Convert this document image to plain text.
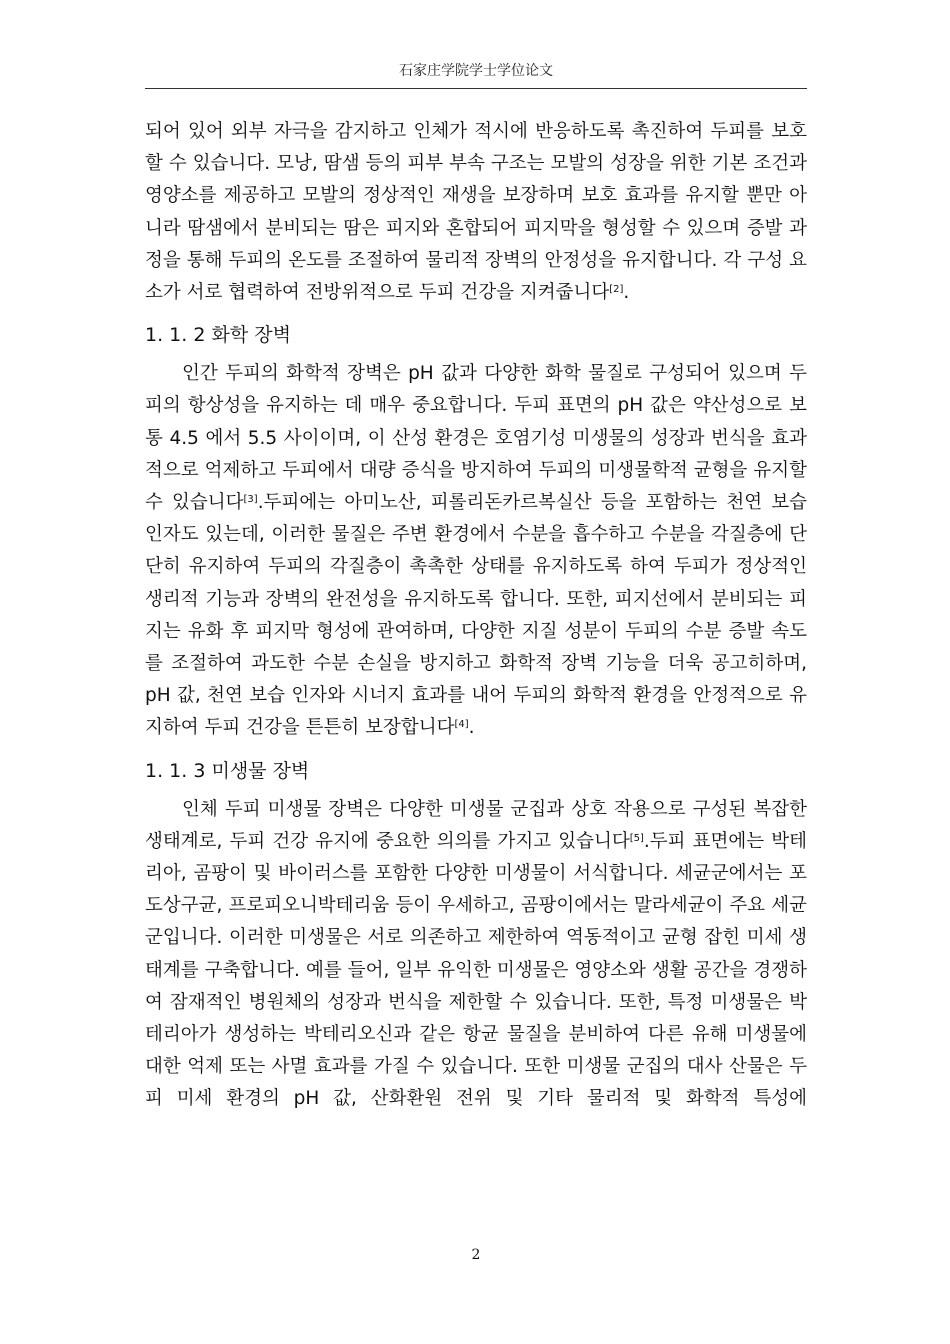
石家庄学院学士学位论文

되어 있어 외부 자극을 감지하고 인체가 적시에 반응하도록 촉진하여 두피를 보호할 수 있습니다. 모낭, 땀샘 등의 피부 부속 구조는 모발의 성장을 위한 기본 조건과 영양소를 제공하고 모발의 정상적인 재생을 보장하며 보호 효과를 유지할 뿐만 아니라 땀샘에서 분비되는 땀은 피지와 혼합되어 피지막을 형성할 수 있으며 증발 과정을 통해 두피의 온도를 조절하여 물리적 장벽의 안정성을 유지합니다. 각 구성 요소가 서로 협력하여 전방위적으로 두피 건강을 지켜줍니다[2].

1. 1. 2 화학 장벽

인간 두피의 화학적 장벽은 pH 값과 다양한 화학 물질로 구성되어 있으며 두피의 항상성을 유지하는 데 매우 중요합니다. 두피 표면의 pH 값은 약산성으로 보통 4.5 에서 5.5 사이이며, 이 산성 환경은 호염기성 미생물의 성장과 번식을 효과적으로 억제하고 두피에서 대량 증식을 방지하여 두피의 미생물학적 균형을 유지할 수 있습니다[3].두피에는 아미노산, 피롤리돈카르복실산 등을 포함하는 천연 보습 인자도 있는데, 이러한 물질은 주변 환경에서 수분을 흡수하고 수분을 각질층에 단단히 유지하여 두피의 각질층이 촉촉한 상태를 유지하도록 하여 두피가 정상적인 생리적 기능과 장벽의 완전성을 유지하도록 합니다. 또한, 피지선에서 분비되는 피지는 유화 후 피지막 형성에 관여하며, 다양한 지질 성분이 두피의 수분 증발 속도를 조절하여 과도한 수분 손실을 방지하고 화학적 장벽 기능을 더욱 공고히하며, pH 값, 천연 보습 인자와 시너지 효과를 내어 두피의 화학적 환경을 안정적으로 유지하여 두피 건강을 튼튼히 보장합니다[4].

1. 1. 3 미생물 장벽

인체 두피 미생물 장벽은 다양한 미생물 군집과 상호 작용으로 구성된 복잡한 생태계로, 두피 건강 유지에 중요한 의의를 가지고 있습니다[5].두피 표면에는 박테리아, 곰팡이 및 바이러스를 포함한 다양한 미생물이 서식합니다. 세균군에서는 포도상구균, 프로피오니박테리움 등이 우세하고, 곰팡이에서는 말라세균이 주요 세균군입니다. 이러한 미생물은 서로 의존하고 제한하여 역동적이고 균형 잡힌 미세 생태계를 구축합니다. 예를 들어, 일부 유익한 미생물은 영양소와 생활 공간을 경쟁하여 잠재적인 병원체의 성장과 번식을 제한할 수 있습니다. 또한, 특정 미생물은 박테리아가 생성하는 박테리오신과 같은 항균 물질을 분비하여 다른 유해 미생물에 대한 억제 또는 사멸 효과를 가질 수 있습니다. 또한 미생물 군집의 대사 산물은 두피 미세 환경의 pH 값, 산화환원 전위 및 기타 물리적 및 화학적 특성에

2
